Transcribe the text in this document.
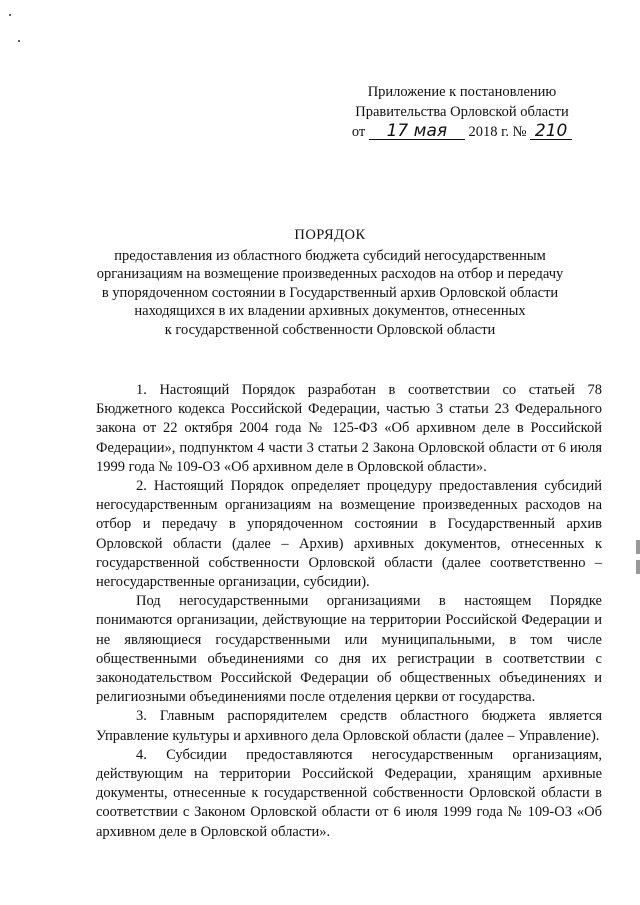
Приложение к постановлению
Правительства Орловской области
от 17 мая 2018 г. № 210
ПОРЯДОК
предоставления из областного бюджета субсидий негосударственным
организациям на возмещение произведенных расходов на отбор и передачу
в упорядоченном состоянии в Государственный архив Орловской области
находящихся в их владении архивных документов, отнесенных
к государственной собственности Орловской области

1. Настоящий Порядок разработан в соответствии со статьей 78 Бюджетного кодекса Российской Федерации, частью 3 статьи 23 Федерального закона от 22 октября 2004 года № 125-ФЗ «Об архивном деле в Российской Федерации», подпунктом 4 части 3 статьи 2 Закона Орловской области от 6 июля 1999 года № 109-ОЗ «Об архивном деле в Орловской области».

2. Настоящий Порядок определяет процедуру предоставления субсидий негосударственным организациям на возмещение произведенных расходов на отбор и передачу в упорядоченном состоянии в Государственный архив Орловской области (далее – Архив) архивных документов, отнесенных к государственной собственности Орловской области (далее соответственно – негосударственные организации, субсидии).

Под негосударственными организациями в настоящем Порядке понимаются организации, действующие на территории Российской Федерации и не являющиеся государственными или муниципальными, в том числе общественными объединениями со дня их регистрации в соответствии с законодательством Российской Федерации об общественных объединениях и религиозными объединениями после отделения церкви от государства.

3. Главным распорядителем средств областного бюджета является Управление культуры и архивного дела Орловской области (далее – Управление).

4. Субсидии предоставляются негосударственным организациям, действующим на территории Российской Федерации, хранящим архивные документы, отнесенные к государственной собственности Орловской области в соответствии с Законом Орловской области от 6 июля 1999 года № 109-ОЗ «Об архивном деле в Орловской области».
